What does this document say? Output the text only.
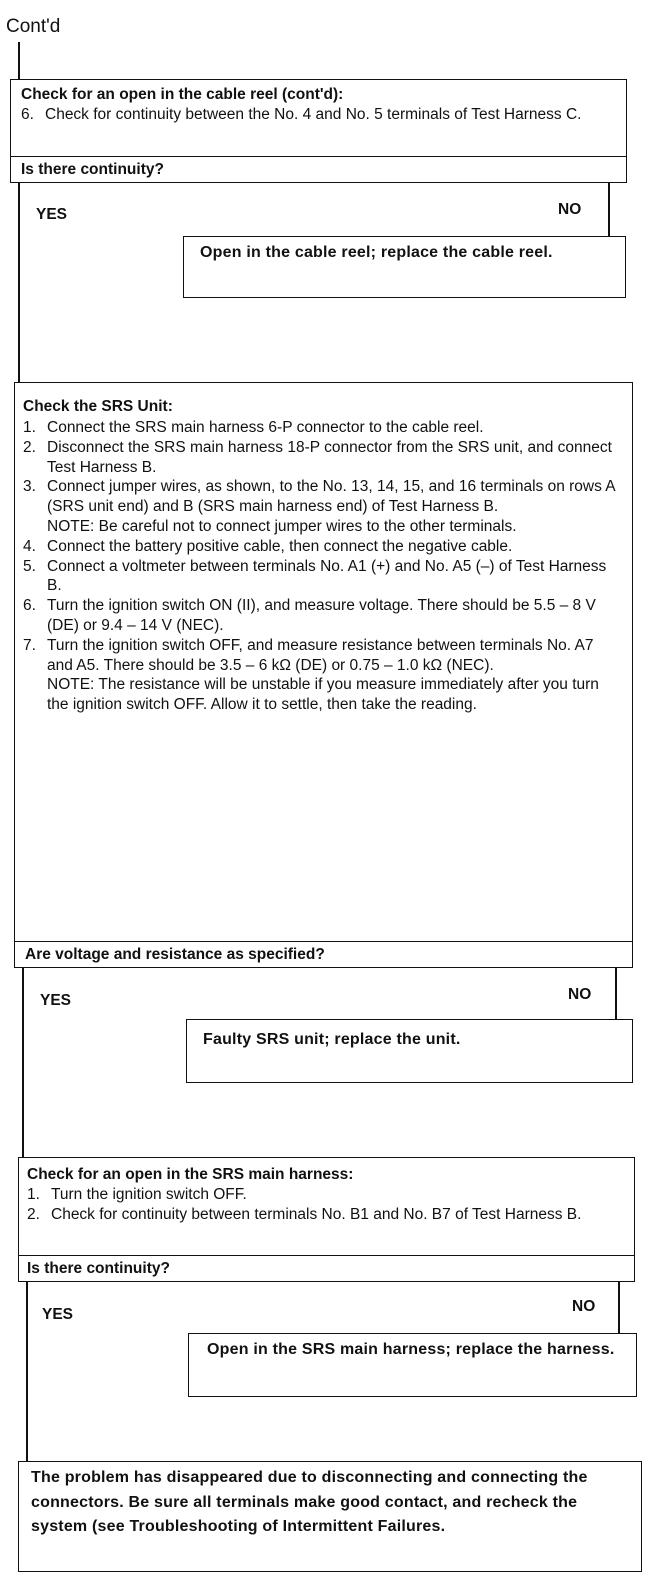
Cont'd
Check for an open in the cable reel (cont'd):
6. Check for continuity between the No. 4 and No. 5 terminals of Test Harness C.
Is there continuity?
YES	NO
Open in the cable reel; replace the cable reel.
Check the SRS Unit:
1. Connect the SRS main harness 6-P connector to the cable reel.
2. Disconnect the SRS main harness 18-P connector from the SRS unit, and connect Test Harness B.
3. Connect jumper wires, as shown, to the No. 13, 14, 15, and 16 terminals on rows A (SRS unit end) and B (SRS main harness end) of Test Harness B.
NOTE: Be careful not to connect jumper wires to the other terminals.
4. Connect the battery positive cable, then connect the negative cable.
5. Connect a voltmeter between terminals No. A1 (+) and No. A5 (–) of Test Harness B.
6. Turn the ignition switch ON (II), and measure voltage. There should be 5.5 – 8 V (DE) or 9.4 – 14 V (NEC).
7. Turn the ignition switch OFF, and measure resistance between terminals No. A7 and A5. There should be 3.5 – 6 kΩ (DE) or 0.75 – 1.0 kΩ (NEC).
NOTE: The resistance will be unstable if you measure immediately after you turn the ignition switch OFF. Allow it to settle, then take the reading.
Are voltage and resistance as specified?
YES	NO
Faulty SRS unit; replace the unit.
Check for an open in the SRS main harness:
1. Turn the ignition switch OFF.
2. Check for continuity between terminals No. B1 and No. B7 of Test Harness B.
Is there continuity?
YES	NO
Open in the SRS main harness; replace the harness.
The problem has disappeared due to disconnecting and connecting the connectors. Be sure all terminals make good contact, and recheck the system (see Troubleshooting of Intermittent Failures.
